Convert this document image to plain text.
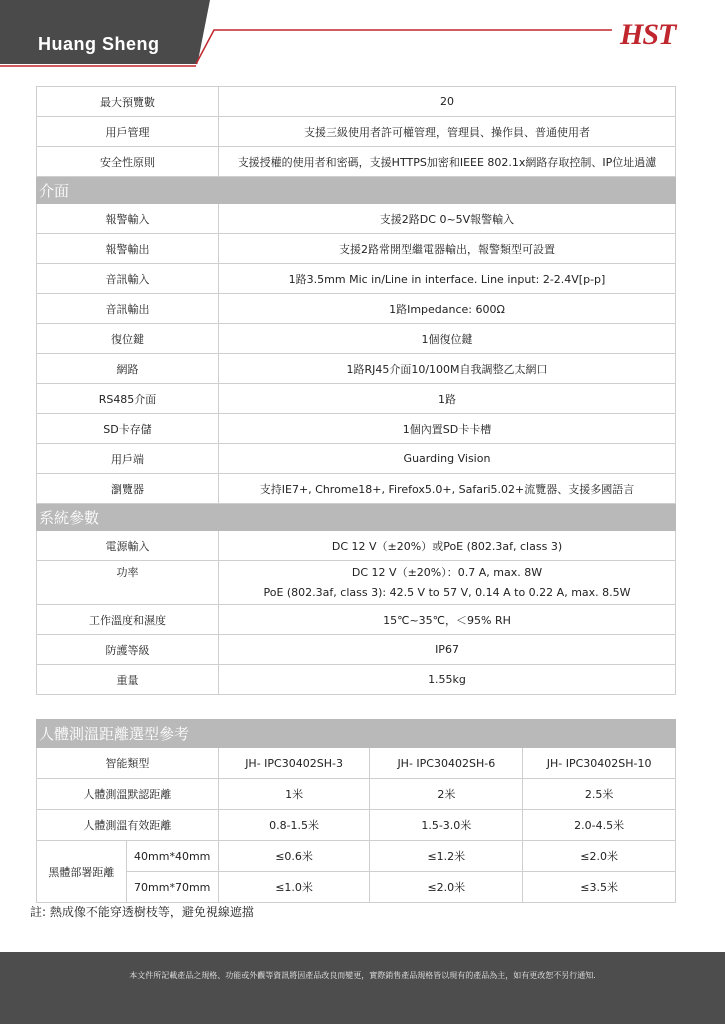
Huang Sheng	HST
最大預覽數	20
用戶管理	支援三級使用者許可權管理，管理員、操作員、普通使用者
安全性原則	支援授權的使用者和密碼，支援HTTPS加密和IEEE 802.1x網路存取控制、IP位址過濾
介面	
報警輸入	支援2路DC 0~5V報警輸入
報警輸出	支援2路常開型繼電器輸出，報警類型可設置
音訊輸入	1路3.5mm Mic in/Line in interface. Line input: 2-2.4V[p-p]
音訊輸出	1路Impedance: 600Ω
復位鍵	1個復位鍵
網路	1路RJ45介面10/100M自我調整乙太網口
RS485介面	1路
SD卡存儲	1個內置SD卡卡槽
用戶端	Guarding Vision
瀏覽器	支持IE7+, Chrome18+, Firefox5.0+, Safari5.02+流覽器、支援多國語言
系統參數	
電源輸入	DC 12 V（±20%）或PoE (802.3af, class 3)
功率	DC 12 V（±20%）：0.7 A, max. 8W
PoE (802.3af, class 3): 42.5 V to 57 V, 0.14 A to 0.22 A, max. 8.5W

工作溫度和濕度	15℃~35℃，＜95% RH
防護等級	IP67
重量	1.55kg
人體測溫距離選型參考				
智能類型		JH- IPC30402SH-3	JH- IPC30402SH-6	JH- IPC30402SH-10
人體測溫默認距離		1米	2米	2.5米
人體測溫有效距離		0.8-1.5米	1.5-3.0米	2.0-4.5米
黑體部署距離	40mm*40mm	≤0.6米	≤1.2米	≤2.0米
	70mm*70mm	≤1.0米	≤2.0米	≤3.5米
註: 熱成像不能穿透樹枝等，避免視線遮擋
本文件所記載產品之規格、功能或外觀等資訊將因產品改良而變更，實際銷售產品規格皆以現有的產品為主，如有更改恕不另行通知.
